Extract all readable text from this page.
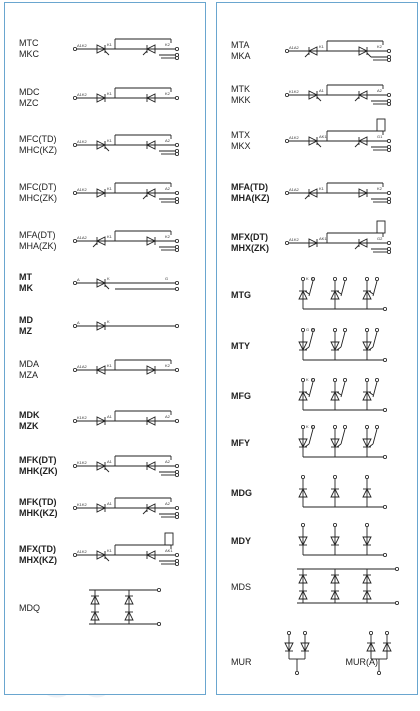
MTC
MKC
A1K2	K1	K2
MDC
MZC
A1K2	K1	K2
MFC(TD)
MHC(KZ)
A1K2	K1	A2
MFC(DT)
MHC(ZK)
A1K2	K1	A2
MFA(DT)
MHA(ZK)
A1A2	K1	K2
MT
MK
A	K	G
MD
MZ
A	K
MDA
MZA
A1A2	K1	K2
MDK
MZK
K1K2	A1	A2
MFK(DT)
MHK(ZK)
K1K2	A1	A2
MFK(TD)
MHK(KZ)
K1K2	A1	A2
MFX(TD)
MHX(KZ)
A1K2	K1	AK1
MDQ
MTA
MKA
A1A2	K1	K2
MTK
MKK
K1K2	A1	A2
MTX
MKX
A1K2	AK1	G1
MFA(TD)
MHA(KZ)
A1A2	K1	K2
MFX(DT)
MHX(ZK)
A1K2	AK1	G2
MTG
K G
MTY
G K
MFG
K G
MFY
K G
MDG
MDY
MDS
MUR	MUR(A)
